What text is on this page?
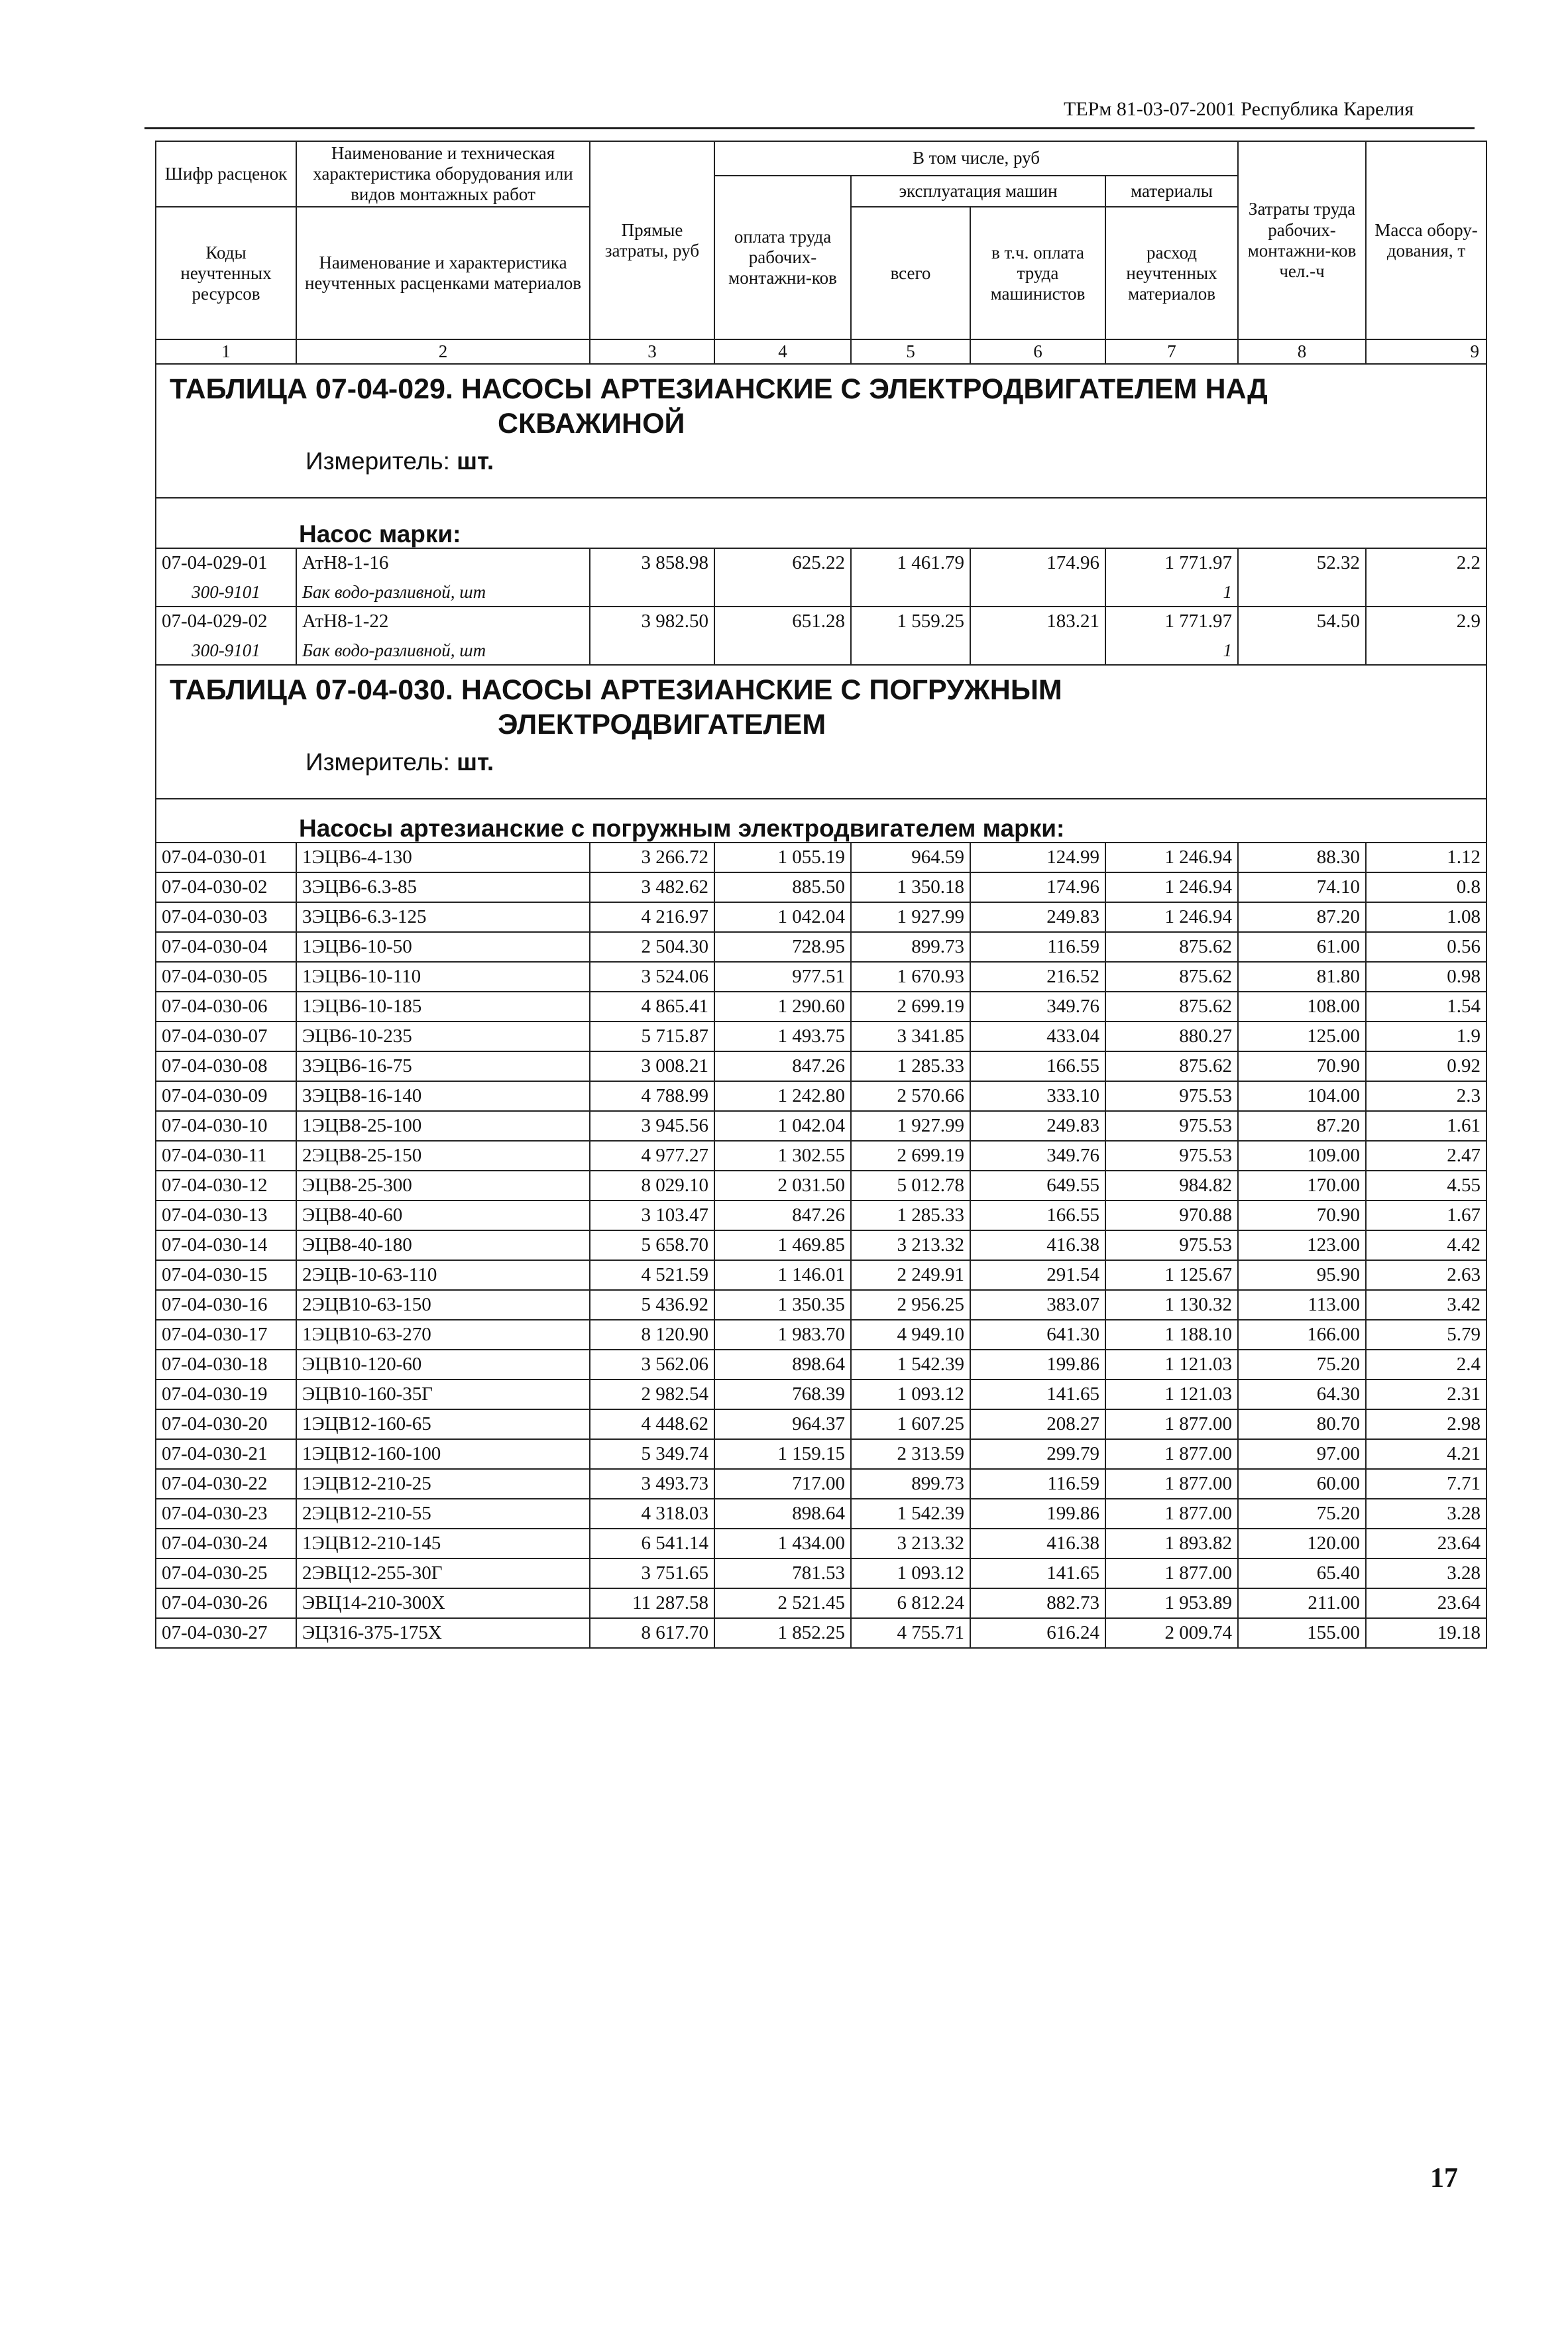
ТЕРм 81-03-07-2001 Республика Карелия
Шифр расценок	Наименование и техническая характеристика оборудования или видов монтажных работ	Прямые затраты, руб	В том числе, руб				Затраты труда рабочих-монтажни-ков чел.-ч	Масса обору-дования, т
			оплата труда рабочих-монтажни-ков	эксплуатация машин		материалы		
Коды неучтенных ресурсов	Наименование и характеристика неучтенных расценками материалов			всего	в т.ч. оплата труда машинистов	расход неучтенных материалов		

1	2	3	4	5	6	7	8	9

ТАБЛИЦА 07-04-029. НАСОСЫ АРТЕЗИАНСКИЕ С ЭЛЕКТРОДВИГАТЕЛЕМ НАД
СКВАЖИНОЙ
Измеритель: шт.								

Насос марки:								

07-04-029-01	АтН8-1-16	3 858.98	625.22	1 461.79	174.96	1 771.97	52.32	2.2
300-9101	Бак водо-разливной, шт					1		
07-04-029-02	АтН8-1-22	3 982.50	651.28	1 559.25	183.21	1 771.97	54.50	2.9
300-9101	Бак водо-разливной, шт					1		

ТАБЛИЦА 07-04-030. НАСОСЫ АРТЕЗИАНСКИЕ С ПОГРУЖНЫМ
ЭЛЕКТРОДВИГАТЕЛЕМ
Измеритель: шт.								

Насосы артезианские с погружным электродвигателем марки:								

07-04-030-01	1ЭЦВ6-4-130	3 266.72	1 055.19	964.59	124.99	1 246.94	88.30	1.12
07-04-030-02	3ЭЦВ6-6.3-85	3 482.62	885.50	1 350.18	174.96	1 246.94	74.10	0.8
07-04-030-03	3ЭЦВ6-6.3-125	4 216.97	1 042.04	1 927.99	249.83	1 246.94	87.20	1.08
07-04-030-04	1ЭЦВ6-10-50	2 504.30	728.95	899.73	116.59	875.62	61.00	0.56
07-04-030-05	1ЭЦВ6-10-110	3 524.06	977.51	1 670.93	216.52	875.62	81.80	0.98
07-04-030-06	1ЭЦВ6-10-185	4 865.41	1 290.60	2 699.19	349.76	875.62	108.00	1.54
07-04-030-07	ЭЦВ6-10-235	5 715.87	1 493.75	3 341.85	433.04	880.27	125.00	1.9
07-04-030-08	3ЭЦВ6-16-75	3 008.21	847.26	1 285.33	166.55	875.62	70.90	0.92
07-04-030-09	3ЭЦВ8-16-140	4 788.99	1 242.80	2 570.66	333.10	975.53	104.00	2.3
07-04-030-10	1ЭЦВ8-25-100	3 945.56	1 042.04	1 927.99	249.83	975.53	87.20	1.61
07-04-030-11	2ЭЦВ8-25-150	4 977.27	1 302.55	2 699.19	349.76	975.53	109.00	2.47
07-04-030-12	ЭЦВ8-25-300	8 029.10	2 031.50	5 012.78	649.55	984.82	170.00	4.55
07-04-030-13	ЭЦВ8-40-60	3 103.47	847.26	1 285.33	166.55	970.88	70.90	1.67
07-04-030-14	ЭЦВ8-40-180	5 658.70	1 469.85	3 213.32	416.38	975.53	123.00	4.42
07-04-030-15	2ЭЦВ-10-63-110	4 521.59	1 146.01	2 249.91	291.54	1 125.67	95.90	2.63
07-04-030-16	2ЭЦВ10-63-150	5 436.92	1 350.35	2 956.25	383.07	1 130.32	113.00	3.42
07-04-030-17	1ЭЦВ10-63-270	8 120.90	1 983.70	4 949.10	641.30	1 188.10	166.00	5.79
07-04-030-18	ЭЦВ10-120-60	3 562.06	898.64	1 542.39	199.86	1 121.03	75.20	2.4
07-04-030-19	ЭЦВ10-160-35Г	2 982.54	768.39	1 093.12	141.65	1 121.03	64.30	2.31
07-04-030-20	1ЭЦВ12-160-65	4 448.62	964.37	1 607.25	208.27	1 877.00	80.70	2.98
07-04-030-21	1ЭЦВ12-160-100	5 349.74	1 159.15	2 313.59	299.79	1 877.00	97.00	4.21
07-04-030-22	1ЭЦВ12-210-25	3 493.73	717.00	899.73	116.59	1 877.00	60.00	7.71
07-04-030-23	2ЭЦВ12-210-55	4 318.03	898.64	1 542.39	199.86	1 877.00	75.20	3.28
07-04-030-24	1ЭЦВ12-210-145	6 541.14	1 434.00	3 213.32	416.38	1 893.82	120.00	23.64
07-04-030-25	2ЭВЦ12-255-30Г	3 751.65	781.53	1 093.12	141.65	1 877.00	65.40	3.28
07-04-030-26	ЭВЦ14-210-300Х	11 287.58	2 521.45	6 812.24	882.73	1 953.89	211.00	23.64
07-04-030-27	ЭЦ316-375-175Х	8 617.70	1 852.25	4 755.71	616.24	2 009.74	155.00	19.18
17
